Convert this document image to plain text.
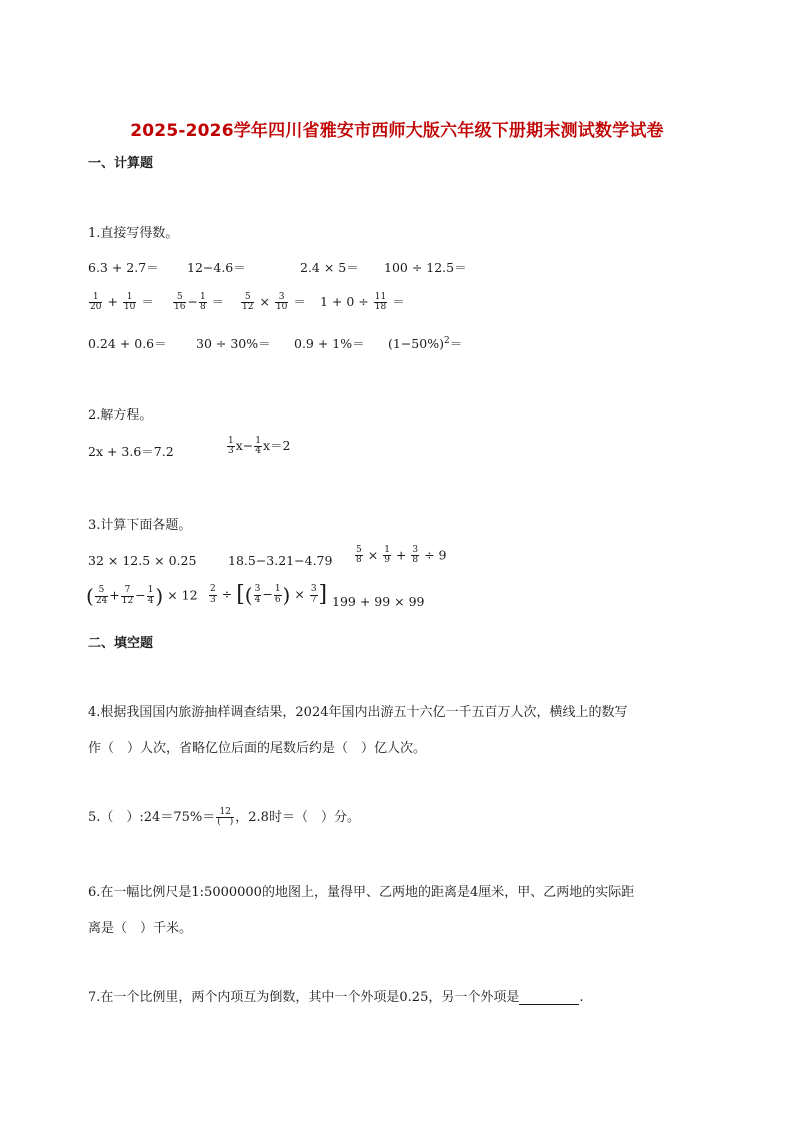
2025-2026学年四川省雅安市西师大版六年级下册期末测试数学试卷
一、计算题
1.直接写得数。
6.3 + 2.7＝ 12−4.6＝	2.4 × 5＝ 100 ÷ 12.5＝
$\frac{1}{20} + \frac{1}{10} = \frac{5}{16} - \frac{1}{8} = \frac{5}{12} \times \frac{3}{10} = 1 + 0 \div \frac{11}{18}$ ＝
$0.24 + 0.6= 30 \div 30\%= 0.9 + 1\%= (1-50\%)^2=$
2.解方程。
2x + 3.6＝7.2	$\frac{1}{3} x- \frac{1}{4} x=2$
3.计算下面各题。
32 × 12.5 × 0.25	18.5−3.21−4.79	$\frac{5}{8} \times \frac{1}{9} + \frac{3}{8} \div 9$
( $\frac{5}{24} + \frac{7}{12} - \frac{1}{4}$ ) × $12 \frac{2}{3}$ ÷ [( $\frac{3}{4} - \frac{1}{6}$ ) × $\frac{3}{7}$ ] 199 + 99 × 99
二、填空题
4.根据我国国内旅游抽样调查结果，2024年国内出游五十六亿一千五百万人次，横线上的数写
作（　）人次，省略亿位后面的尾数后约是（　）亿人次。
5.（　）:24＝75%＝ $\frac{12}{( )}$ ，2.8时＝（　）分。
6.在一幅比例尺是1:5000000的地图上，量得甲、乙两地的距离是4厘米，甲、乙两地的实际距
离是（　）千米。
7.在一个比例里，两个内项互为倒数，其中一个外项是0.25，另一个外项是	.
